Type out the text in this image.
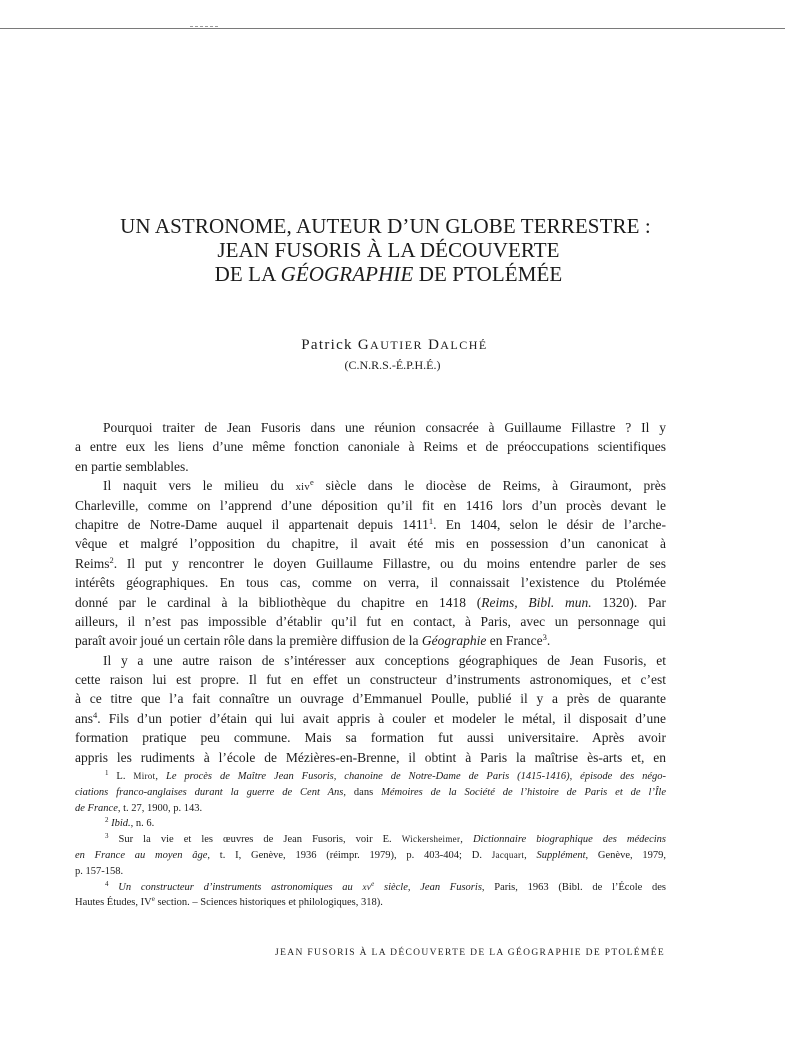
UN ASTRONOME, AUTEUR D’UN GLOBE TERRESTRE :
JEAN FUSORIS À LA DÉCOUVERTE
DE LA GÉOGRAPHIE DE PTOLÉMÉE
Patrick GAUTIER DALCHÉ
(C.N.R.S.-É.P.H.É.)
Pourquoi traiter de Jean Fusoris dans une réunion consacrée à Guillaume Fillastre ? Il y
a entre eux les liens d’une même fonction canoniale à Reims et de préoccupations scientifiques
en partie semblables.
Il naquit vers le milieu du xiv$^e$ siècle dans le diocèse de Reims, à Giraumont, près
Charleville, comme on l’apprend d’une déposition qu’il fit en 1416 lors d’un procès devant le
chapitre de Notre-Dame auquel il appartenait depuis 1411$^1$. En 1404, selon le désir de l’arche-
vêque et malgré l’opposition du chapitre, il avait été mis en possession d’un canonicat à
Reims$^2$. Il put y rencontrer le doyen Guillaume Fillastre, ou du moins entendre parler de ses
intérêts géographiques. En tous cas, comme on verra, il connaissait l’existence du Ptolémée
donné par le cardinal à la bibliothèque du chapitre en 1418 (Reims, Bibl. mun. 1320). Par
ailleurs, il n’est pas impossible d’établir qu’il fut en contact, à Paris, avec un personnage qui
paraît avoir joué un certain rôle dans la première diffusion de la Géographie en France$^3$.
Il y a une autre raison de s’intéresser aux conceptions géographiques de Jean Fusoris, et
cette raison lui est propre. Il fut en effet un constructeur d’instruments astronomiques, et c’est
à ce titre que l’a fait connaître un ouvrage d’Emmanuel Poulle, publié il y a près de quarante
ans$^4$. Fils d’un potier d’étain qui lui avait appris à couler et modeler le métal, il disposait d’une
formation pratique peu commune. Mais sa formation fut aussi universitaire. Après avoir
appris les rudiments à l’école de Mézières-en-Brenne, il obtint à Paris la maîtrise ès-arts et, en
$^1$ L. Mirot, Le procès de Maître Jean Fusoris, chanoine de Notre-Dame de Paris (1415-1416), épisode des négo-
ciations franco-anglaises durant la guerre de Cent Ans, dans Mémoires de la Société de l’histoire de Paris et de l’Île
de France, t. 27, 1900, p. 143.
$^2$ Ibid., n. 6.
$^3$ Sur la vie et les œuvres de Jean Fusoris, voir E. Wickersheimer, Dictionnaire biographique des médecins
en France au moyen âge, t. I, Genève, 1936 (réimpr. 1979), p. 403-404; D. Jacquart, Supplément, Genève, 1979,
p. 157-158.
$^4$ Un constructeur d’instruments astronomiques au $xv^e$ siècle, Jean Fusoris, Paris, 1963 (Bibl. de l’École des
Hautes Études, IVe section. – Sciences historiques et philologiques, 318).
JEAN FUSORIS À LA DÉCOUVERTE DE LA GÉOGRAPHIE DE PTOLÉMÉE
